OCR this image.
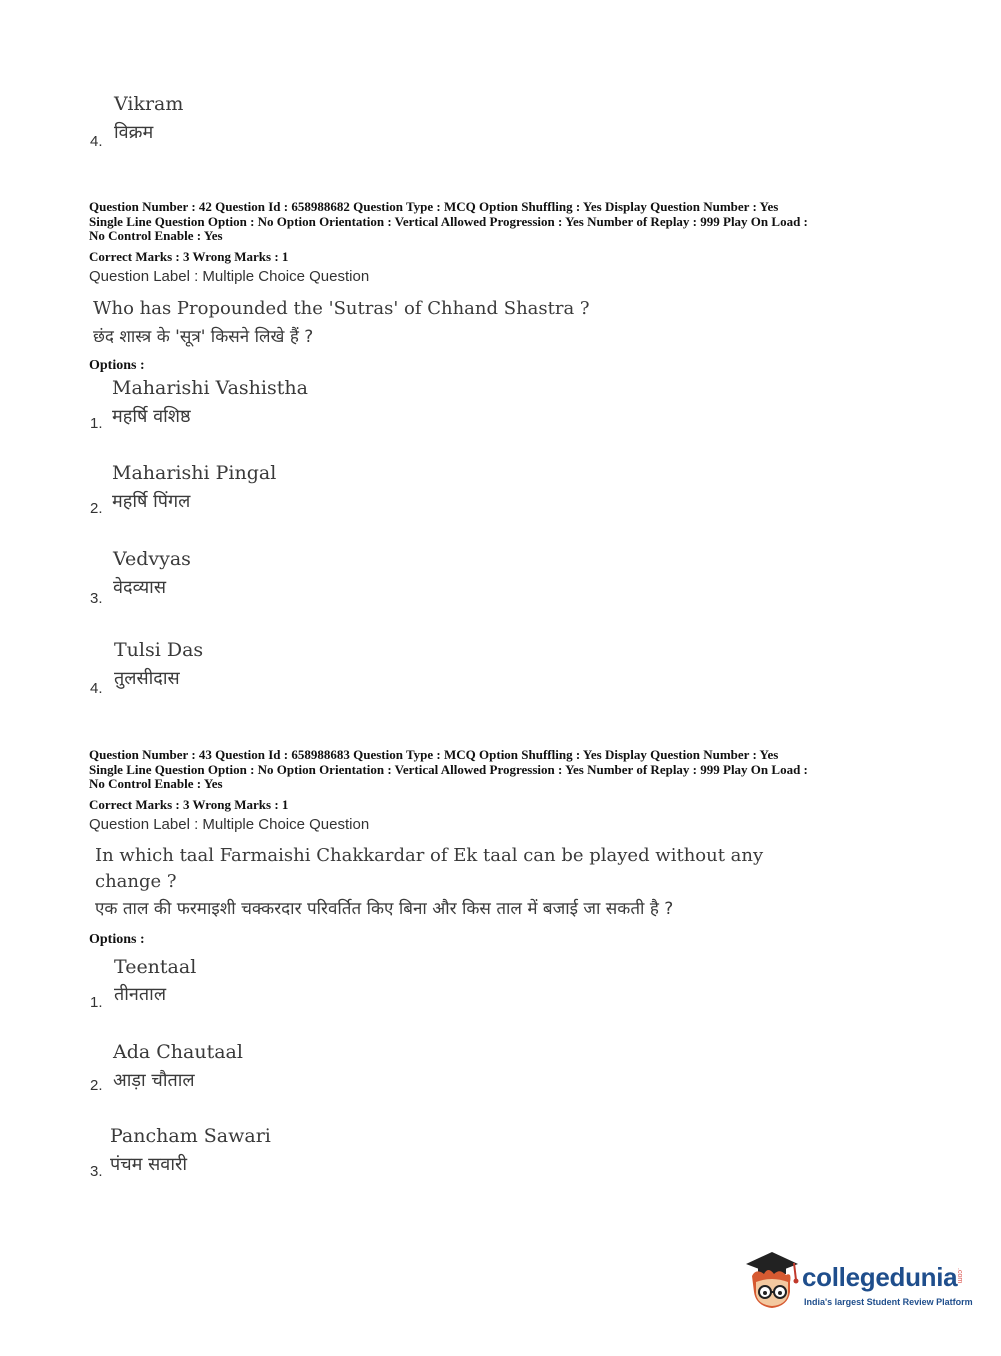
Vikram
विक्रम
4.
Question Number : 42 Question Id : 658988682 Question Type : MCQ Option Shuffling : Yes Display Question Number : Yes
Single Line Question Option : No Option Orientation : Vertical Allowed Progression : Yes Number of Replay : 999 Play On Load :
No Control Enable : Yes
Correct Marks : 3 Wrong Marks : 1
Question Label : Multiple Choice Question
Who has Propounded the 'Sutras' of Chhand Shastra ?
छंद शास्त्र के 'सूत्र' किसने लिखे हैं ?
Options :
Maharishi Vashistha
महर्षि वशिष्ठ
1.
Maharishi Pingal
महर्षि पिंगल
2.
Vedvyas
वेदव्यास
3.
Tulsi Das
तुलसीदास
4.
Question Number : 43 Question Id : 658988683 Question Type : MCQ Option Shuffling : Yes Display Question Number : Yes
Single Line Question Option : No Option Orientation : Vertical Allowed Progression : Yes Number of Replay : 999 Play On Load :
No Control Enable : Yes
Correct Marks : 3 Wrong Marks : 1
Question Label : Multiple Choice Question
In which taal Farmaishi Chakkardar of Ek taal can be played without any
change ?
एक ताल की फरमाइशी चक्करदार परिवर्तित किए बिना और किस ताल में बजाई जा सकती है ?
Options :
Teentaal
तीनताल
1.
Ada Chautaal
आड़ा चौताल
2.
Pancham Sawari
पंचम सवारी
3.
collegedunia
.com
India's largest Student Review Platform
